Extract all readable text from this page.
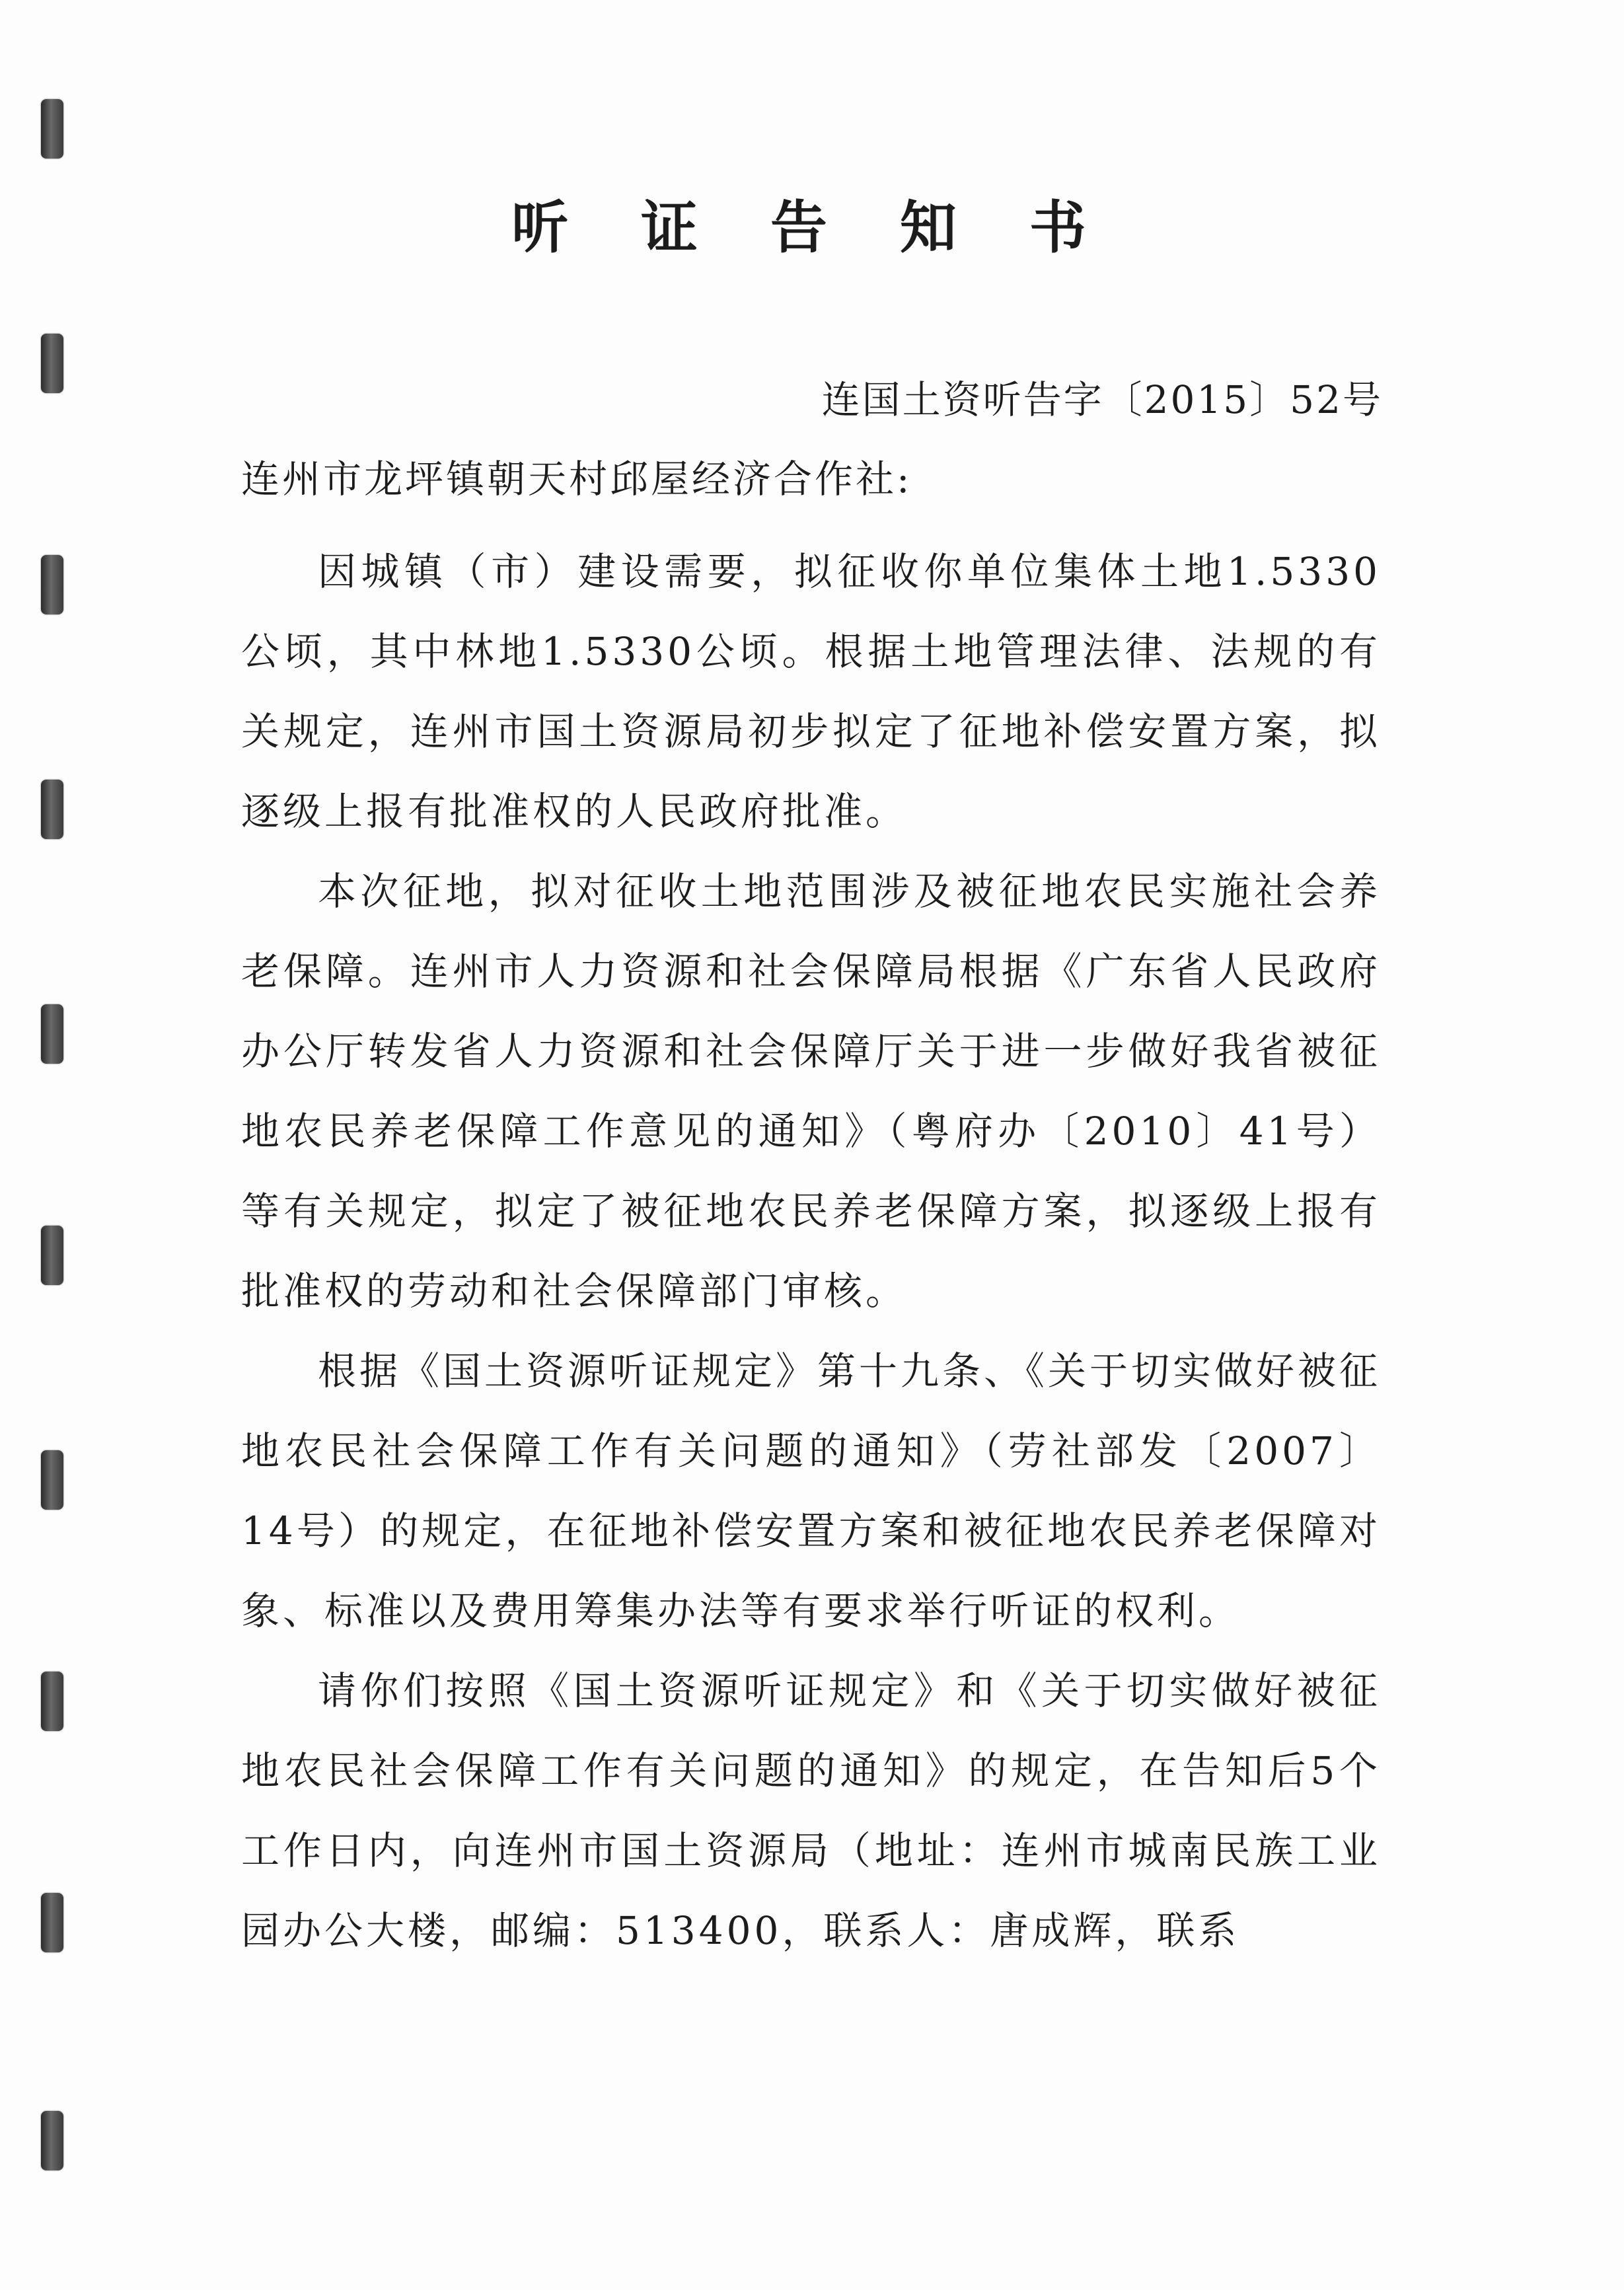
听 证 告 知 书
连国土资听告字〔2015〕52号
连州市龙坪镇朝天村邱屋经济合作社:

因城镇（市）建设需要，拟征收你单位集体土地1.5330公顷，其中林地1.5330公顷。根据土地管理法律、法规的有关规定，连州市国土资源局初步拟定了征地补偿安置方案，拟逐级上报有批准权的人民政府批准。

本次征地，拟对征收土地范围涉及被征地农民实施社会养老保障。连州市人力资源和社会保障局根据《广东省人民政府办公厅转发省人力资源和社会保障厅关于进一步做好我省被征地农民养老保障工作意见的通知》（粤府办〔2010〕41号）等有关规定，拟定了被征地农民养老保障方案，拟逐级上报有批准权的劳动和社会保障部门审核。

根据《国土资源听证规定》第十九条、《关于切实做好被征地农民社会保障工作有关问题的通知》（劳社部发〔2007〕14号）的规定，在征地补偿安置方案和被征地农民养老保障对象、标准以及费用筹集办法等有要求举行听证的权利。

请你们按照《国土资源听证规定》和《关于切实做好被征地农民社会保障工作有关问题的通知》的规定，在告知后5个工作日内，向连州市国土资源局（地址：连州市城南民族工业园办公大楼，邮编：513400，联系人：唐成辉，联系
